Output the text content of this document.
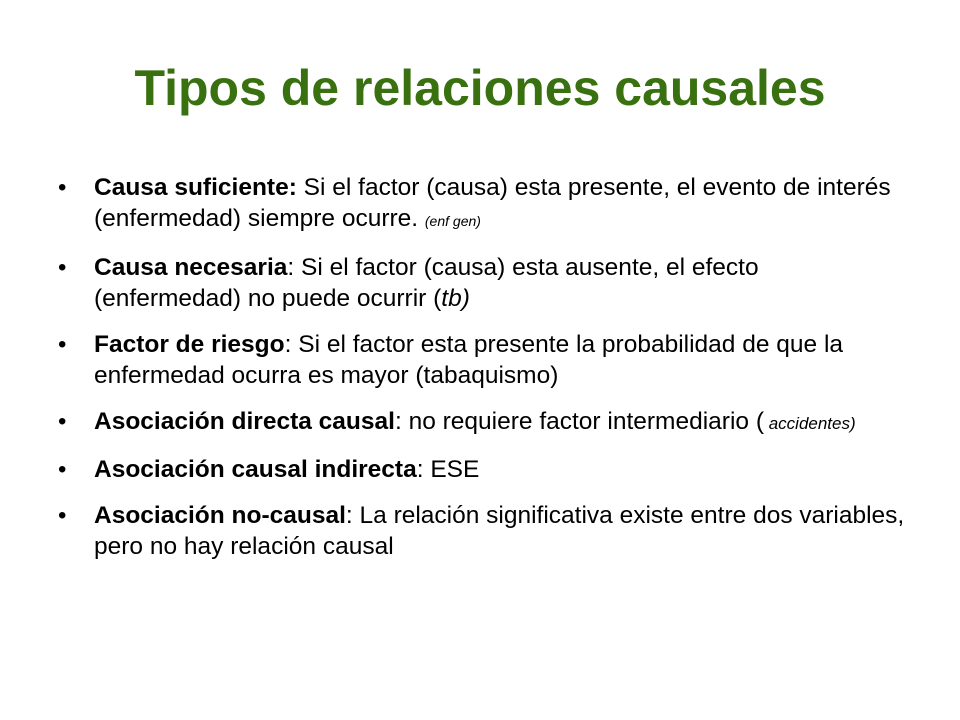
Tipos de relaciones causales
•	Causa suficiente: Si el factor (causa) esta presente, el evento de interés (enfermedad) siempre ocurre. (enf gen)
•	Causa necesaria: Si el factor (causa) esta ausente, el efecto (enfermedad) no puede ocurrir (tb)
•	Factor de riesgo: Si el factor esta presente la probabilidad de que la enfermedad ocurra es mayor (tabaquismo)
•	Asociación directa causal: no requiere factor intermediario ( accidentes)
•	Asociación causal indirecta: ESE
•	Asociación no-causal: La relación significativa existe entre dos variables, pero no hay relación causal
